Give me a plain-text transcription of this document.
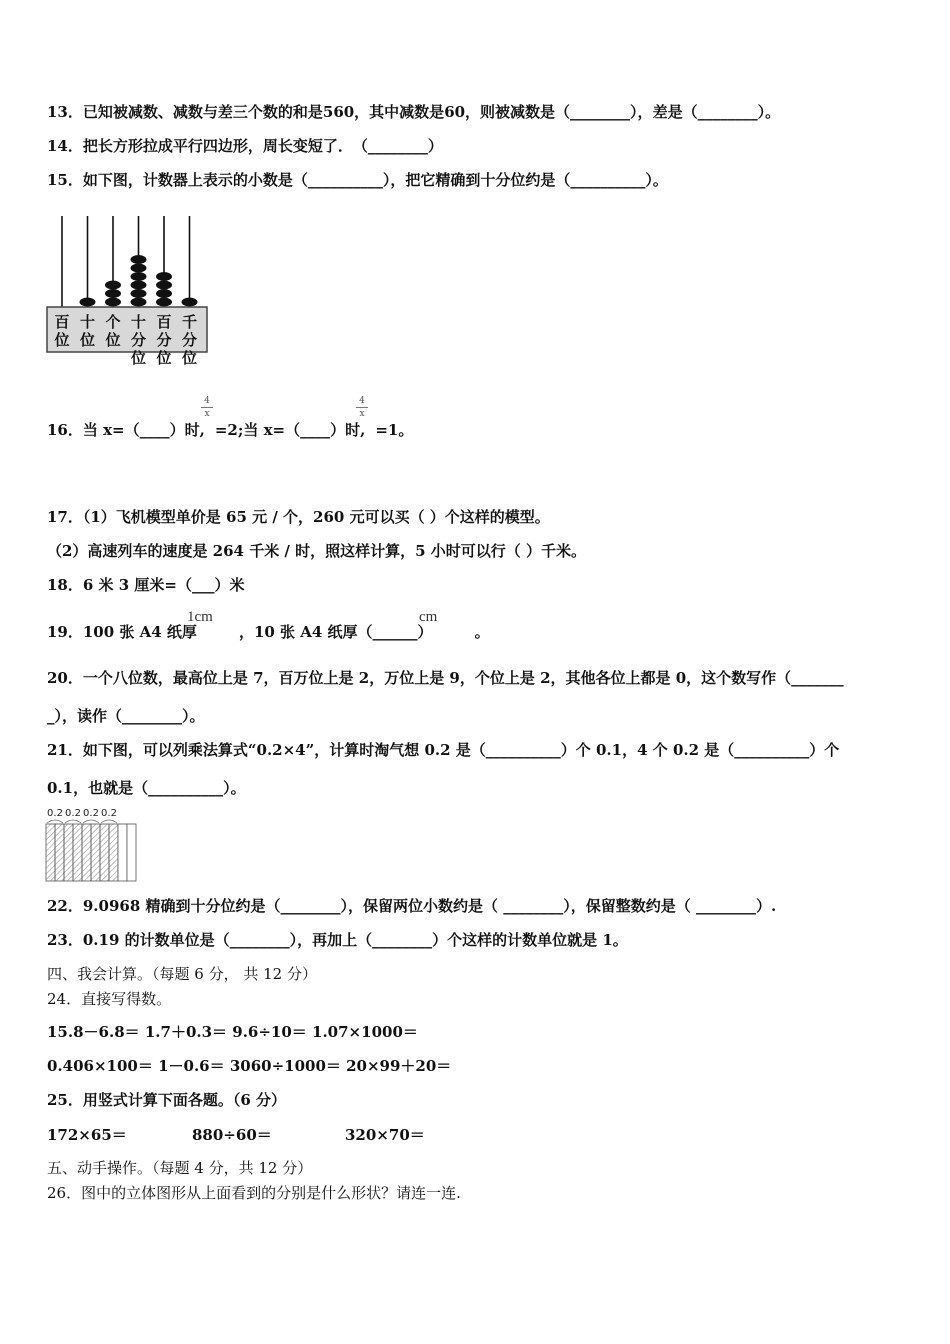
13．已知被减数、减数与差三个数的和是560，其中减数是60，则被减数是（________），差是（________）。
14．把长方形拉成平行四边形，周长变短了．　（________）
15．如下图，计数器上表示的小数是（__________），把它精确到十分位约是（__________）。
百
位
十
位
个
位
十
分
位
百
分
位
千
分
位
16．当 x=（____）时, =2;当 x=（____）时, =1。
4
x
4
x
17．（1）飞机模型单价是 65 元 / 个，260 元可以买（ ）个这样的模型。
（2）高速列车的速度是 264 千米 / 时，照这样计算，5 小时可以行（ ）千米。
18．6 米 3 厘米=（___）米
19．100 张 A4 纸厚	，10 张 A4 纸厚（______）	。
1cm	cm
20．一个八位数，最高位上是 7，百万位上是 2，万位上是 9，个位上是 2，其他各位上都是 0，这个数写作（_______
_），读作（________）。
21．如下图，可以列乘法算式“0.2×4”，计算时淘气想 0.2 是（__________）个 0.1，4 个 0.2 是（__________）个
0.1，也就是（__________）。
0.2 0.2 0.2 0.2
22．9.0968 精确到十分位约是（________），保留两位小数约是（ ________），保留整数约是（ ________）.
23．0.19 的计数单位是（________），再加上（________）个这样的计数单位就是 1。
四、我会计算。（每题 6 分， 共 12 分）
24．直接写得数。
15.8－6.8＝ 1.7＋0.3＝ 9.6÷10＝ 1.07×1000＝
0.406×100＝ 1－0.6＝ 3060÷1000＝ 20×99＋20＝
25．用竖式计算下面各题。（6 分）
172×65＝	880÷60＝	320×70＝
五、动手操作。（每题 4 分，共 12 分）
26．图中的立体图形从上面看到的分别是什么形状？请连一连.
